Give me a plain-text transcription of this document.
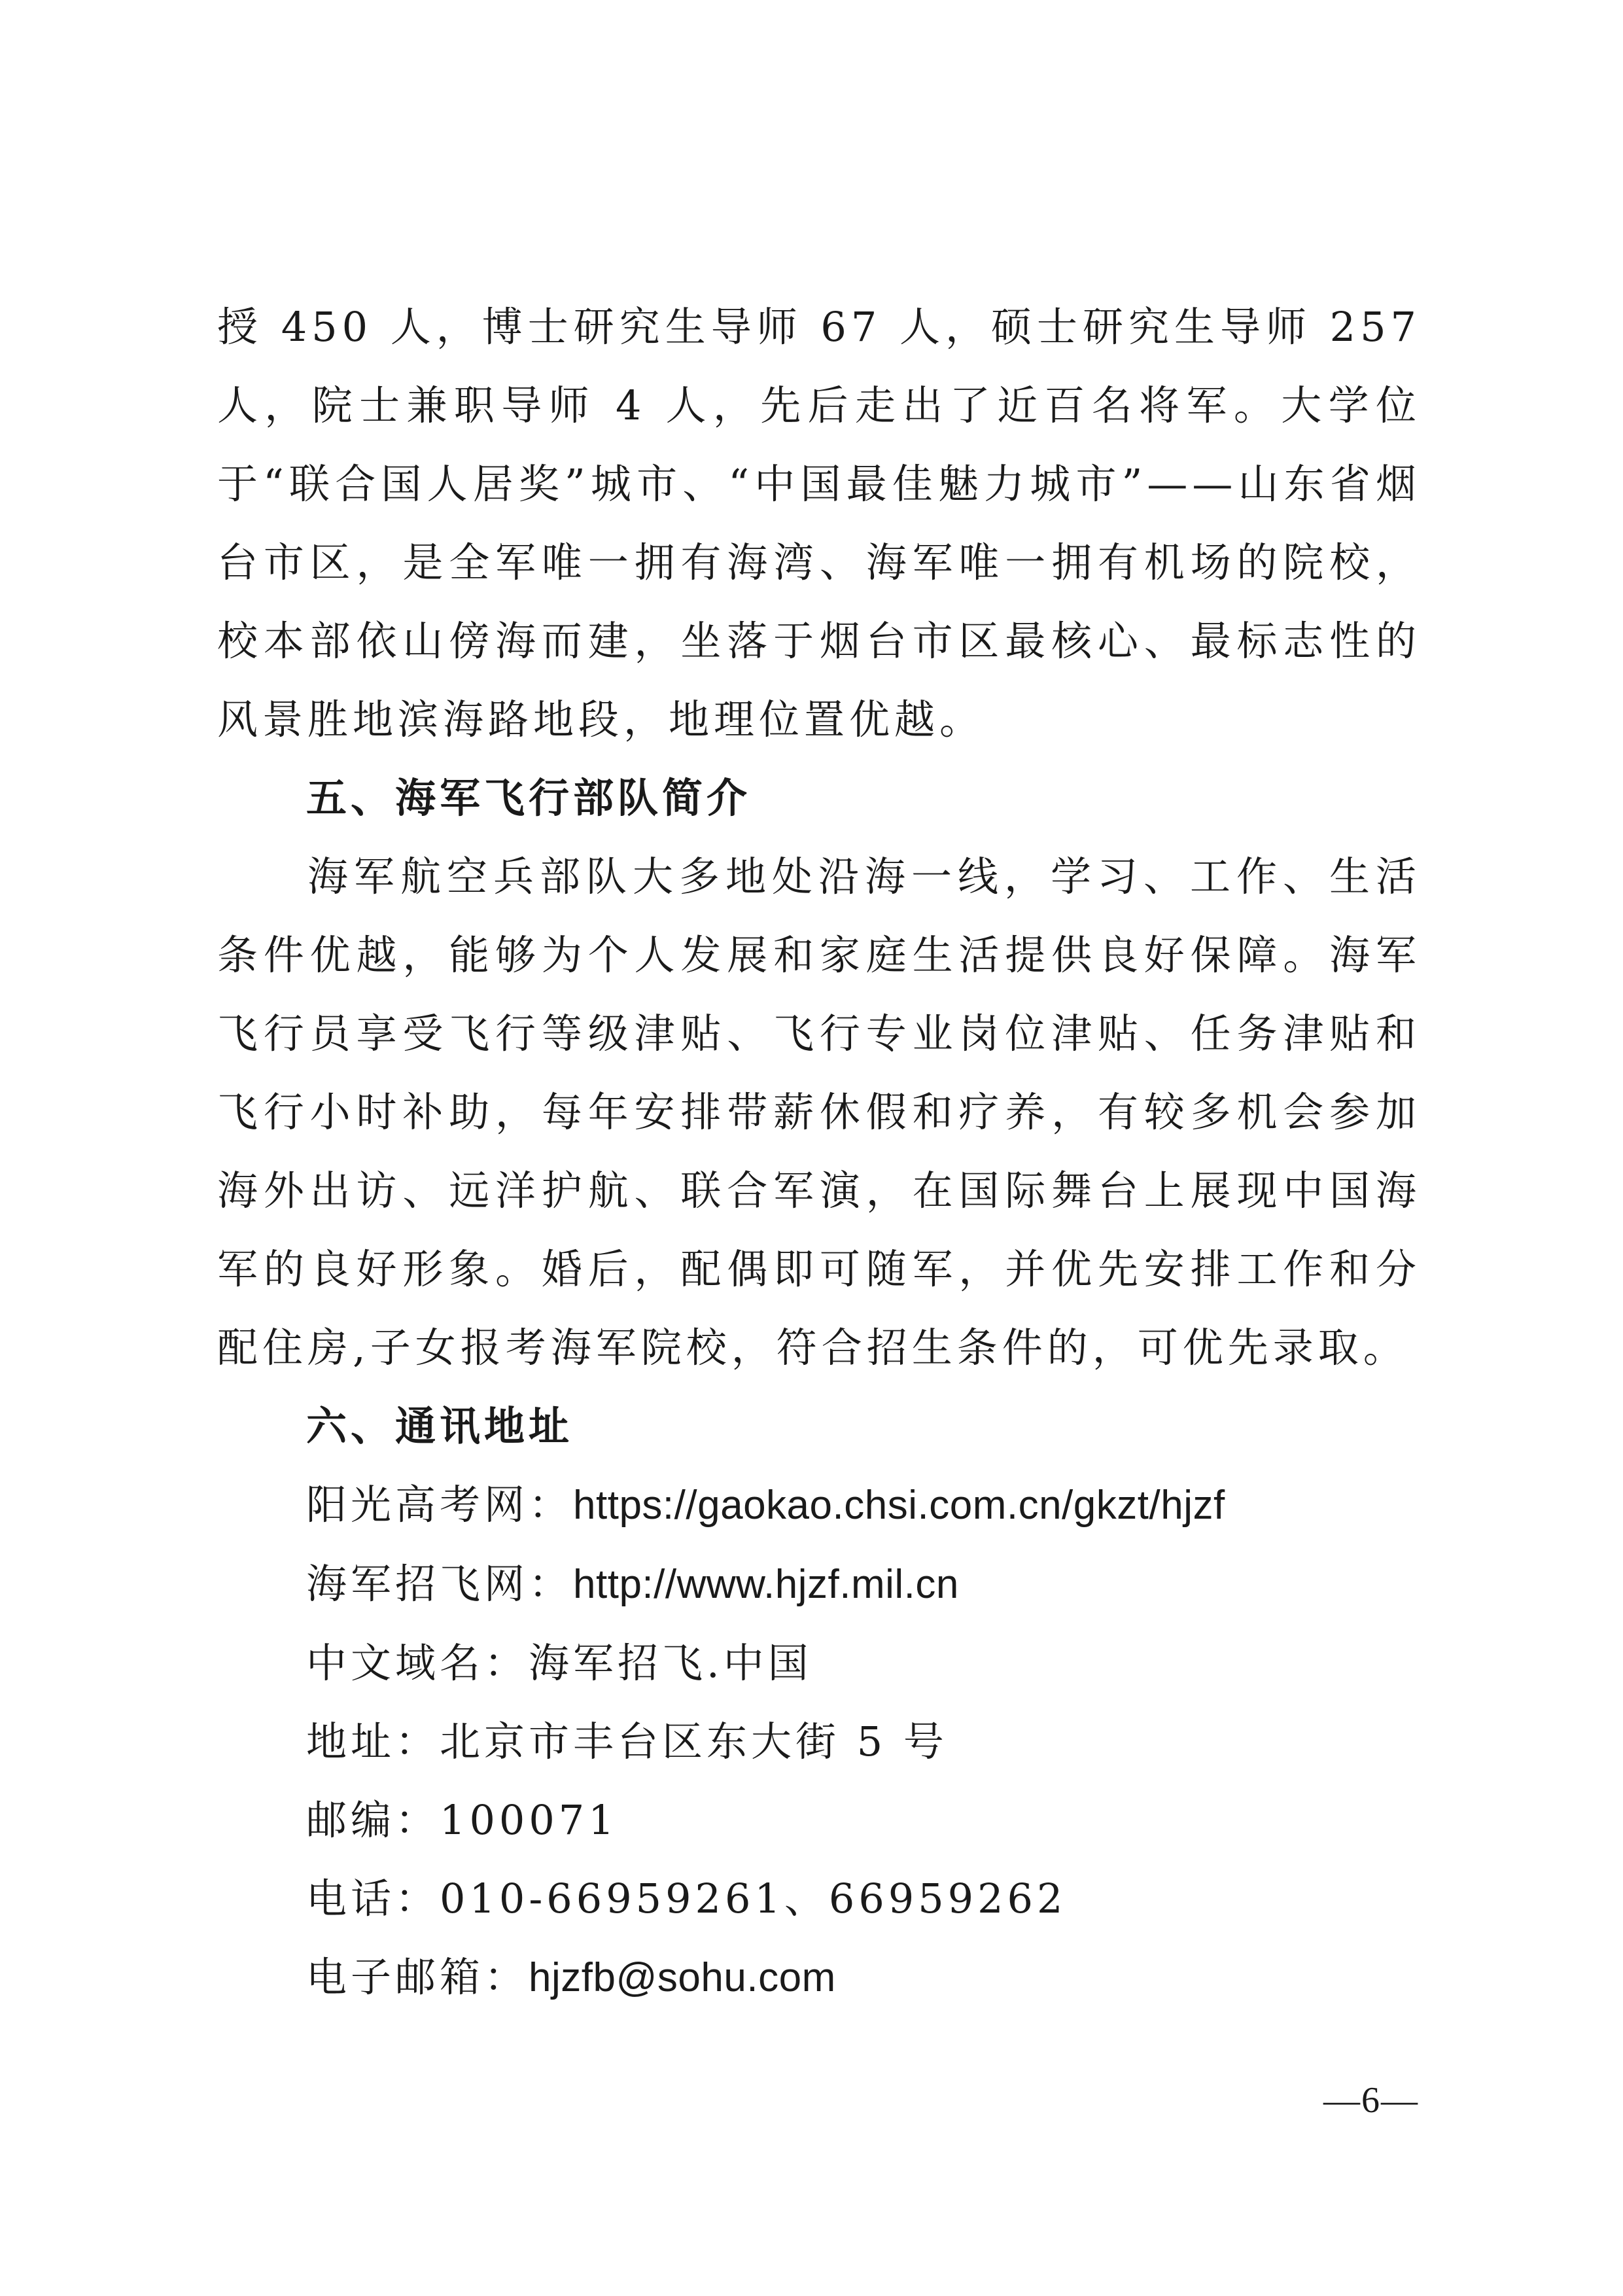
授 450 人，博士研究生导师 67 人，硕士研究生导师 257 人，院士兼职导师 4 人，先后走出了近百名将军。大学位于“联合国人居奖”城市、“中国最佳魅力城市”——山东省烟台市区，是全军唯一拥有海湾、海军唯一拥有机场的院校，校本部依山傍海而建，坐落于烟台市区最核心、最标志性的风景胜地滨海路地段，地理位置优越。

五、海军飞行部队简介

海军航空兵部队大多地处沿海一线，学习、工作、生活条件优越，能够为个人发展和家庭生活提供良好保障。海军飞行员享受飞行等级津贴、飞行专业岗位津贴、任务津贴和飞行小时补助，每年安排带薪休假和疗养，有较多机会参加海外出访、远洋护航、联合军演，在国际舞台上展现中国海军的良好形象。婚后，配偶即可随军，并优先安排工作和分配住房,子女报考海军院校，符合招生条件的，可优先录取。

六、通讯地址

阳光高考网：https://gaokao.chsi.com.cn/gkzt/hjzf

海军招飞网：http://www.hjzf.mil.cn

中文域名：海军招飞.中国

地址：北京市丰台区东大街 5 号

邮编：100071

电话：010-66959261、66959262

电子邮箱：hjzfb@sohu.com

—6—
